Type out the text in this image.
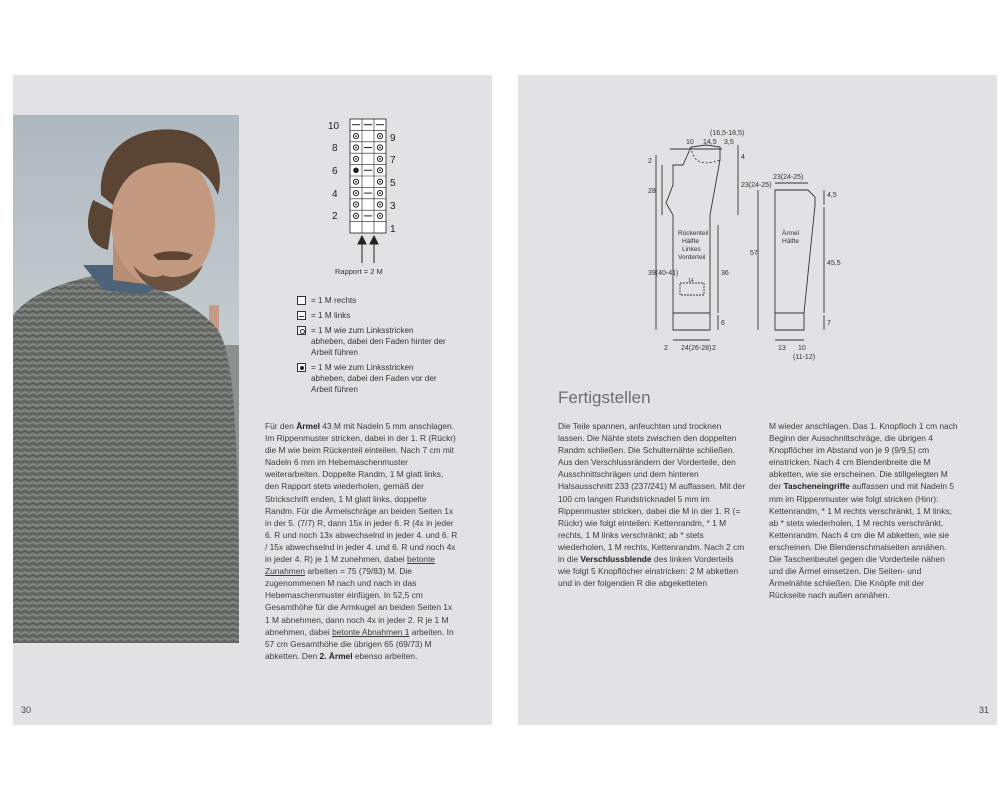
10
8
6
4
2
9
7
5
3
1
Rapport = 2 M
= 1 M rechts
= 1 M links
= 1 M wie zum Linksstricken abheben, dabei den Faden hinter der Arbeit führen
= 1 M wie zum Linksstricken abheben, dabei den Faden vor der Arbeit führen
Für den Ärmel 43 M mit Nadeln 5 mm anschlagen. Im Rippenmuster stricken, dabei in der 1. R (Rückr) die M wie beim Rückenteil einteilen. Nach 7 cm mit Nadeln 6 mm im Hebemaschenmuster weiterarbeiten. Doppelte Randm, 1 M glatt links, den Rapport stets wiederholen, gemäß der Strickschrift enden, 1 M glatt links, doppelte Randm. Für die Ärmelschräge an beiden Seiten 1x in der 5. (7/7) R, dann 15x in jeder 6. R (4x in jeder 6. R und noch 13x abwechselnd in jeder 4. und 6. R / 15x abwechselnd in jeder 4. und 6. R und noch 4x in jeder 4. R) je 1 M zunehmen, dabei betonte Zunahmen arbeiten = 75 (79/83) M. Die zugenommenen M nach und nach in das Hebemaschenmuster einfügen. In 52,5 cm Gesamthöhe für die Armkugel an beiden Seiten 1x 1 M abnehmen, dann noch 4x in jeder 2. R je 1 M abnehmen, dabei betonte Abnahmen 1 arbeiten. In 57 cm Gesamthöhe die übrigen 65 (69/73) M abketten. Den 2. Ärmel ebenso arbeiten.
30
(16,5-18,5)
10 14,5 3,5
2
4
28
23(24-25)
39(40-41)	36
2 24(26-28) 2
6
14
23(24-25)
4,5
57
45,5
7
13 10
(11-12)
Rückenteil
Hälfte
Linkes
Vorderteil
Ärmel
Hälfte
Fertigstellen
Die Teile spannen, anfeuchten und trocknen lassen. Die Nähte stets zwischen den doppelten Randm schließen. Die Schulternähte schließen. Aus den Verschlussrändern der Vorderteile, den Ausschnittschrägen und dem hinteren Halsausschnitt 233 (237/241) M auffassen. Mit der 100 cm langen Rundstricknadel 5 mm im Rippenmuster stricken, dabei die M in der 1. R (= Rückr) wie folgt einteilen: Kettenrandm, * 1 M rechts, 1 M links verschränkt; ab * stets wiederholen, 1 M rechts, Kettenrandm. Nach 2 cm in die Verschlussblende des linken Vorderteils wie folgt 5 Knopflöcher einstricken: 2 M abketten und in der folgenden R die abgeketteten
M wieder anschlagen. Das 1. Knopfloch 1 cm nach Beginn der Ausschnittschräge, die übrigen 4 Knopflöcher im Abstand von je 9 (9/9,5) cm einstricken. Nach 4 cm Blendenbreite die M abketten, wie sie erscheinen. Die stillgelegten M der Tascheneingriffe auffassen und mit Nadeln 5 mm im Rippenmuster wie folgt stricken (Hinr): Kettenrandm, * 1 M rechts verschränkt, 1 M links; ab * stets wiederholen, 1 M rechts verschränkt, Kettenrandm. Nach 4 cm die M abketten, wie sie erscheinen. Die Blendenschmalseiten annähen. Die Taschenbeutel gegen die Vorderteile nähen und die Ärmel einsetzen. Die Seiten- und Ärmelnähte schließen. Die Knöpfe mit der Rückseite nach außen annähen.
31
